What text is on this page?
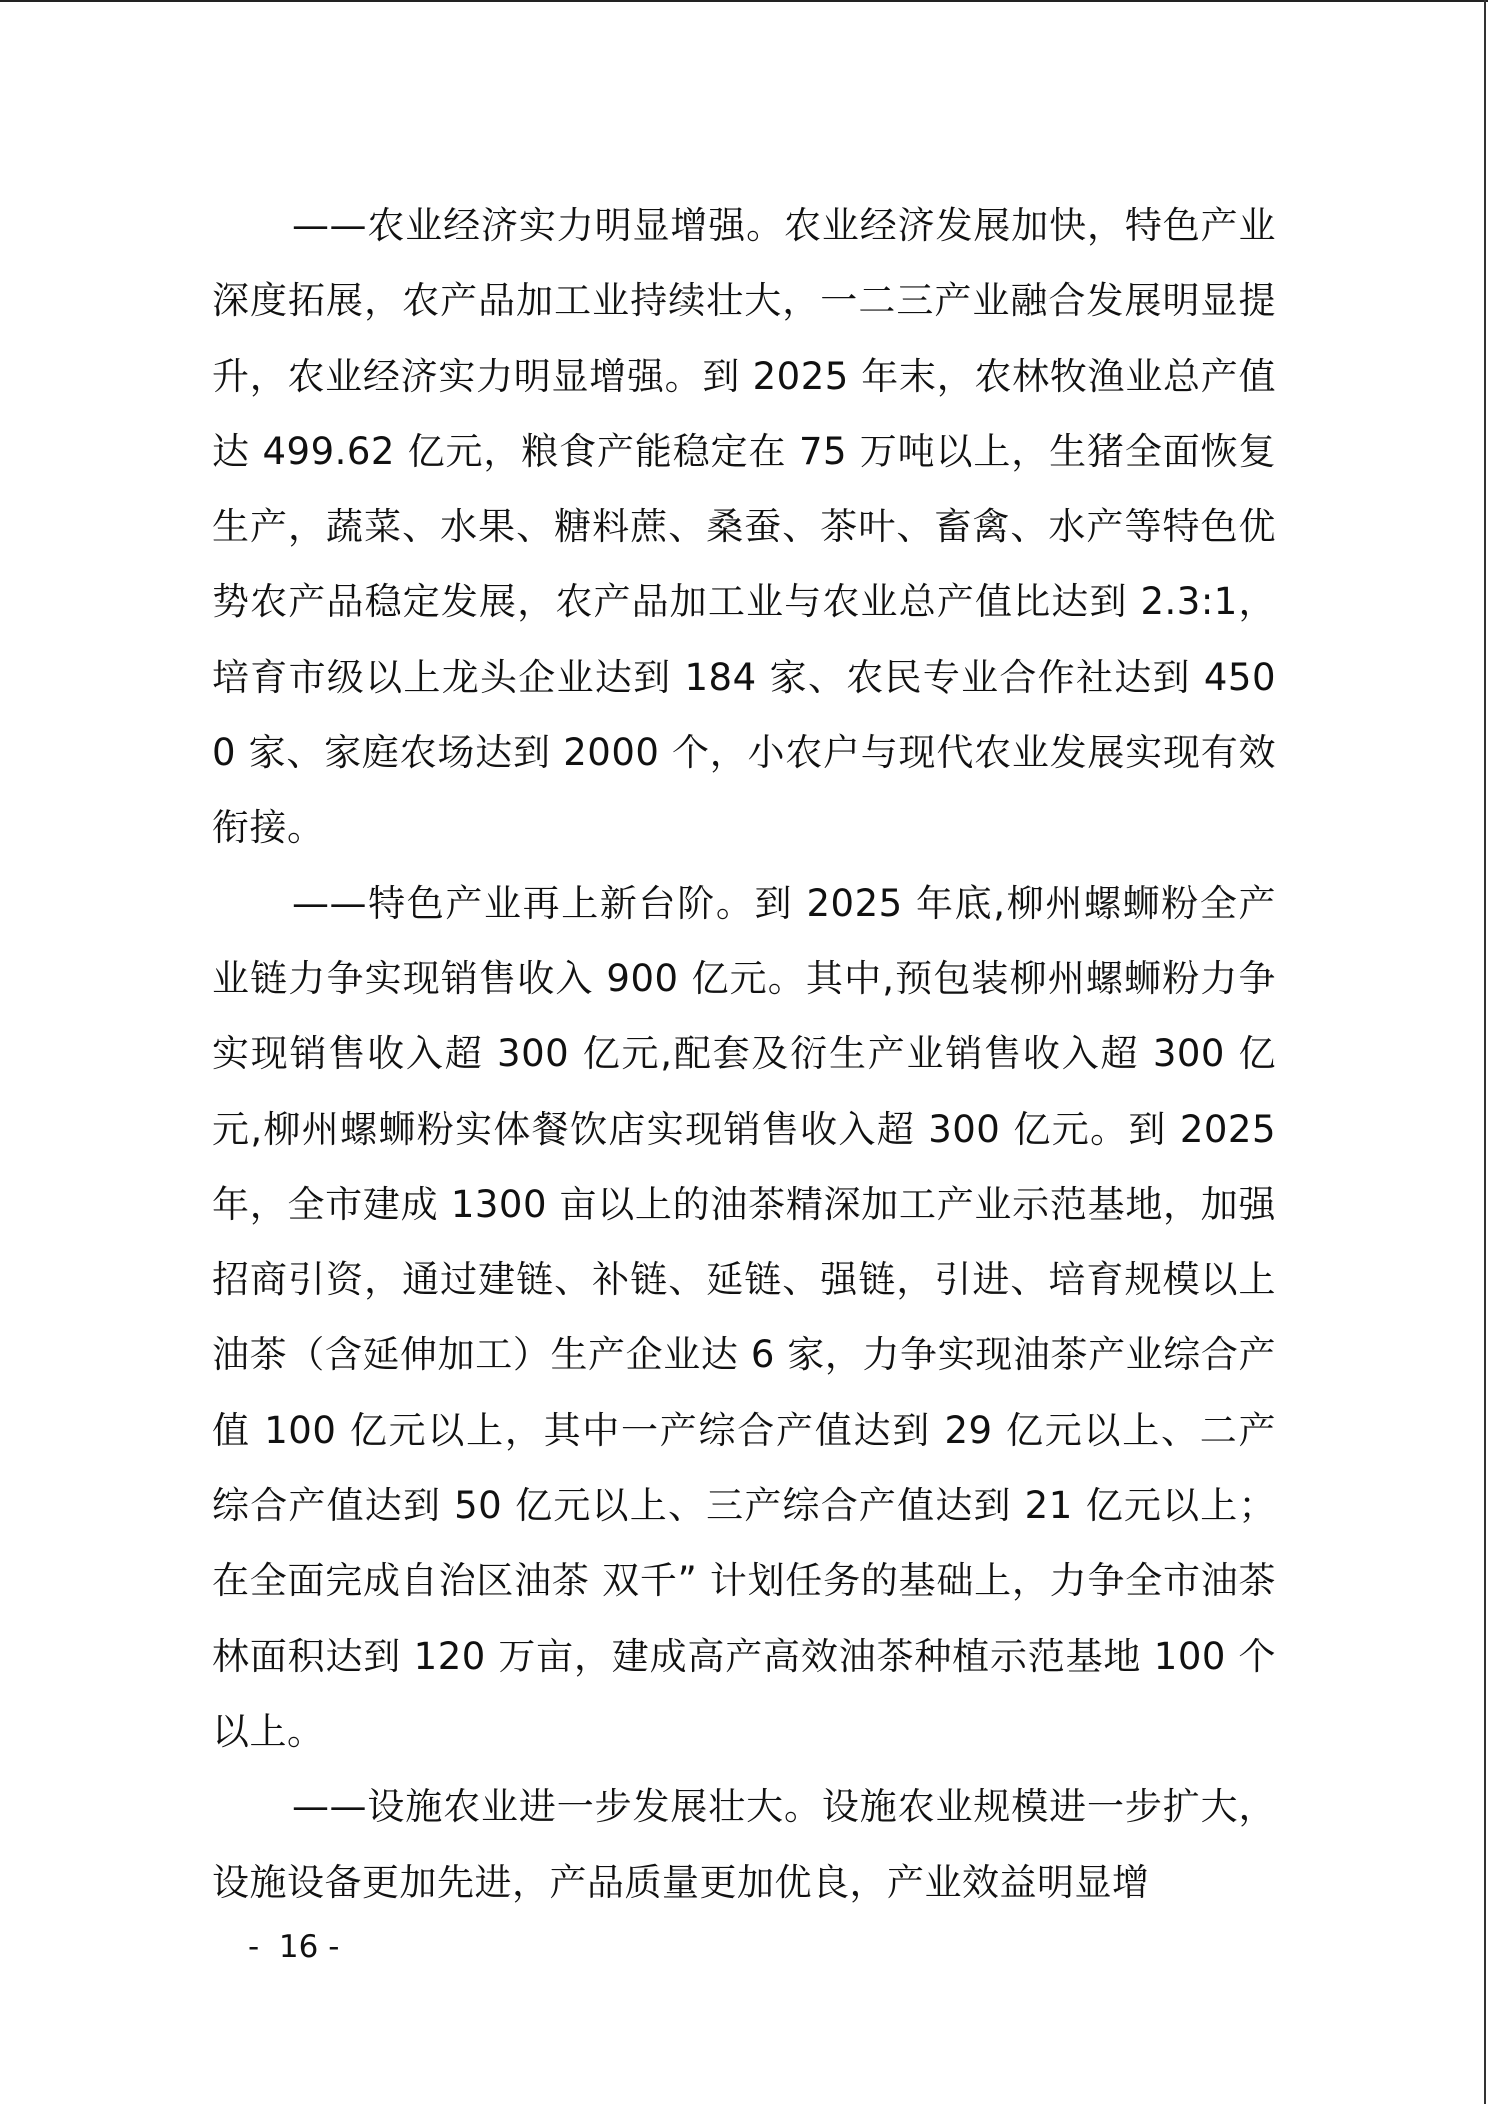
——农业经济实力明显增强。农业经济发展加快，特色产业深度拓展，农产品加工业持续壮大，一二三产业融合发展明显提升，农业经济实力明显增强。到 2025 年末，农林牧渔业总产值达 499.62 亿元，粮食产能稳定在 75 万吨以上，生猪全面恢复生产，蔬菜、水果、糖料蔗、桑蚕、茶叶、畜禽、水产等特色优势农产品稳定发展，农产品加工业与农业总产值比达到 2.3:1，培育市级以上龙头企业达到 184 家、农民专业合作社达到 4500 家、家庭农场达到 2000 个，小农户与现代农业发展实现有效衔接。

——特色产业再上新台阶。到 2025 年底,柳州螺蛳粉全产业链力争实现销售收入 900 亿元。其中,预包装柳州螺蛳粉力争实现销售收入超 300 亿元,配套及衍生产业销售收入超 300 亿元,柳州螺蛳粉实体餐饮店实现销售收入超 300 亿元。到 2025 年，全市建成 1300 亩以上的油茶精深加工产业示范基地，加强招商引资，通过建链、补链、延链、强链，引进、培育规模以上油茶（含延伸加工）生产企业达 6 家，力争实现油茶产业综合产值 100 亿元以上，其中一产综合产值达到 29 亿元以上、二产综合产值达到 50 亿元以上、三产综合产值达到 21 亿元以上；在全面完成自治区油茶 双千” 计划任务的基础上，力争全市油茶林面积达到 120 万亩，建成高产高效油茶种植示范基地 100 个以上。

——设施农业进一步发展壮大。设施农业规模进一步扩大，设施设备更加先进，产品质量更加优良，产业效益明显增

-  16 -
